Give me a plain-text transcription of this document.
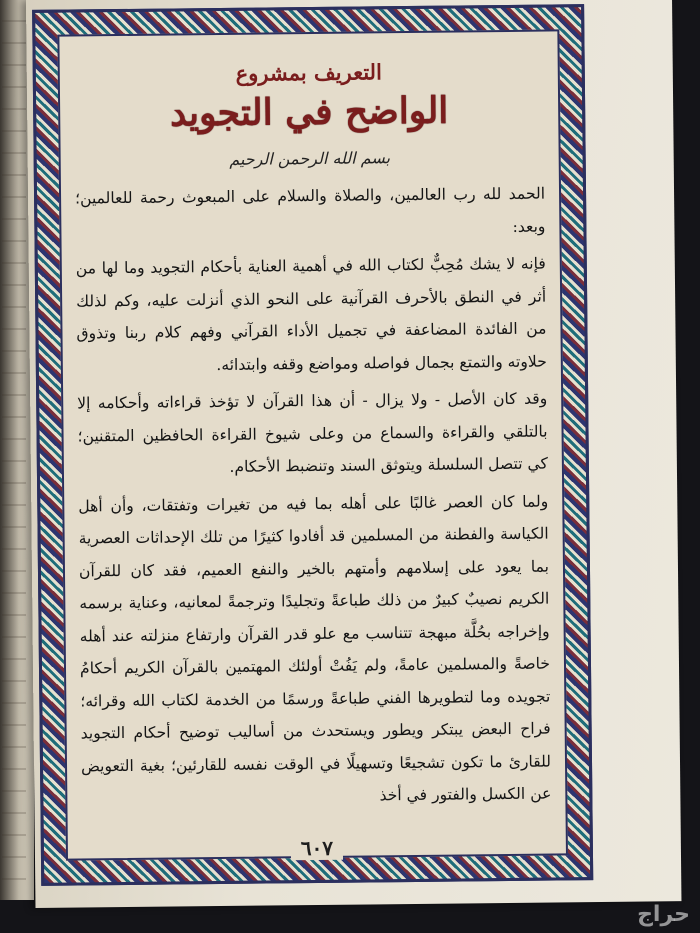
التعريف بمشروع
الواضح في التجويد
بسم الله الرحمن الرحيم

الحمد لله رب العالمين، والصلاة والسلام على المبعوث رحمة للعالمين؛ وبعد:

فإنه لا يشك مُحِبٌّ لكتاب الله في أهمية العناية بأحكام التجويد وما لها من أثر في النطق بالأحرف القرآنية على النحو الذي أنزلت عليه، وكم لذلك من الفائدة المضاعفة في تجميل الأداء القرآني وفهم كلام ربنا وتذوق حلاوته والتمتع بجمال فواصله ومواضع وقفه وابتدائه.

وقد كان الأصل - ولا يزال - أن هذا القرآن لا تؤخذ قراءاته وأحكامه إلا بالتلقي والقراءة والسماع من وعلى شيوخ القراءة الحافظين المتقنين؛ كي تتصل السلسلة ويتوثق السند وتنضبط الأحكام.

ولما كان العصر غالبًا على أهله بما فيه من تغيرات وتفتقات، وأن أهل الكياسة والفطنة من المسلمين قد أفادوا كثيرًا من تلك الإحداثات العصرية بما يعود على إسلامهم وأمتهم بالخير والنفع العميم، فقد كان للقرآن الكريم نصيبٌ كبيرٌ من ذلك طباعةً وتجليدًا وترجمةً لمعانيه، وعناية برسمه وإخراجه بحُلَّة مبهجة تتناسب مع علو قدر القرآن وارتفاع منزلته عند أهله خاصةً والمسلمين عامةً، ولم يَفُتْ أولئك المهتمين بالقرآن الكريم أحكامُ تجويده وما لتطويرها الفني طباعةً ورسمًا من الخدمة لكتاب الله وقرائه؛ فراح البعض يبتكر ويطور ويستحدث من أساليب توضيح أحكام التجويد للقارئ ما تكون تشجيعًا وتسهيلًا في الوقت نفسه للقارئين؛ بغية التعويض عن الكسل والفتور في أخذ

٦٠٧
حراج
